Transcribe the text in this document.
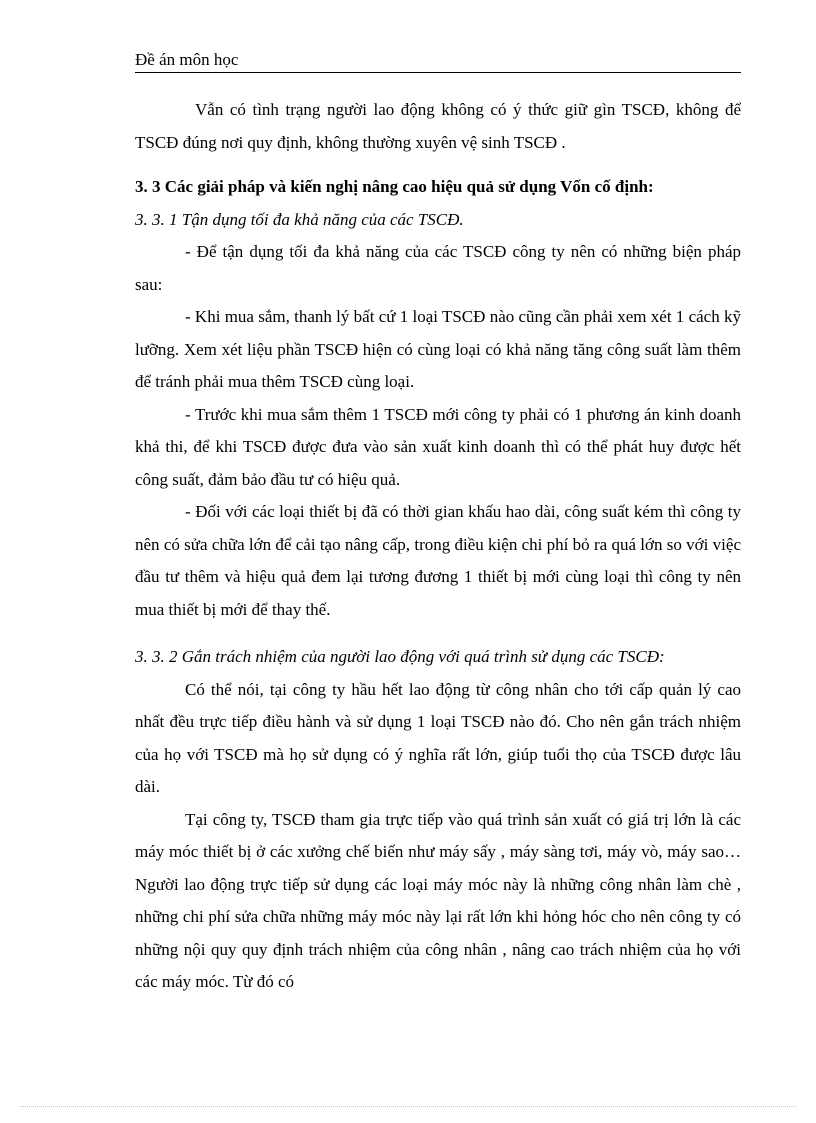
Đề án môn học

Vẫn có tình trạng người lao động không có ý thức giữ gìn TSCĐ, không để TSCĐ đúng nơi quy định, không thường xuyên vệ sinh TSCĐ .

3. 3 Các giải pháp và kiến nghị nâng cao hiệu quả sử dụng Vốn cố định:

3. 3. 1 Tận dụng tối đa khả năng của các TSCĐ.

- Để tận dụng tối đa khả năng của các TSCĐ công ty nên có những biện pháp sau:

- Khi mua sắm, thanh lý bất cứ 1 loại TSCĐ nào cũng cần phải xem xét 1 cách kỹ lưỡng. Xem xét liệu phần TSCĐ hiện có cùng loại có khả năng tăng công suất làm thêm để tránh phải mua thêm TSCĐ cùng loại.

- Trước khi mua sắm thêm 1 TSCĐ mới công ty phải có 1 phương án kinh doanh khả thi, để khi TSCĐ được đưa vào sản xuất kinh doanh thì có thể phát huy được hết công suất, đảm bảo đầu tư có hiệu quả.

- Đối với các loại thiết bị đã có thời gian khấu hao dài, công suất kém thì công ty nên có sửa chữa lớn để cải tạo nâng cấp, trong điều kiện chi phí bỏ ra quá lớn so với việc đầu tư thêm và hiệu quả đem lại tương đương 1 thiết bị mới cùng loại thì công ty nên mua thiết bị mới để thay thế.

3. 3. 2 Gắn trách nhiệm của người lao động với quá trình sử dụng các TSCĐ:

Có thể nói, tại công ty hầu hết lao động từ công nhân cho tới cấp quản lý cao nhất đều trực tiếp điều hành và sử dụng 1 loại TSCĐ nào đó. Cho nên gắn trách nhiệm của họ với TSCĐ mà họ sử dụng có ý nghĩa rất lớn, giúp tuổi thọ của TSCĐ được lâu dài.

Tại công ty, TSCĐ tham gia trực tiếp vào quá trình sản xuất có giá trị lớn là các máy móc thiết bị ở các xưởng chế biến như máy sấy , máy sàng tơi, máy vò, máy sao…Người lao động trực tiếp sử dụng các loại máy móc này là những công nhân làm chè , những chi phí sửa chữa những máy móc này lại rất lớn khi hỏng hóc cho nên công ty có những nội quy quy định trách nhiệm của công nhân , nâng cao trách nhiệm của họ với các máy móc. Từ đó có
